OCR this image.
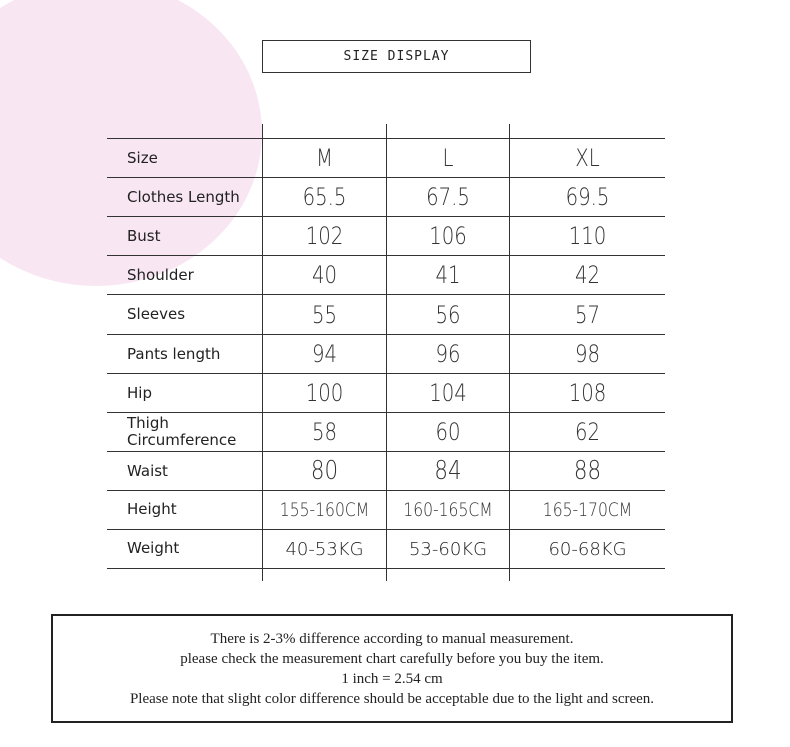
SIZE DISPLAY
Size	M	L	XL
Clothes Length	65.5	67.5	69.5
Bust	102	106	110
Shoulder	40	41	42
Sleeves	55	56	57
Pants length	94	96	98
Hip	100	104	108
Thigh Circumference	58	60	62
Waist	80	84	88
Height	155-160CM	160-165CM	165-170CM
Weight	40-53KG	53-60KG	60-68KG
There is 2-3% difference according to manual measurement.
please check the measurement chart carefully before you buy the item.
1 inch = 2.54 cm
Please note that slight color difference should be acceptable due to the light and screen.
